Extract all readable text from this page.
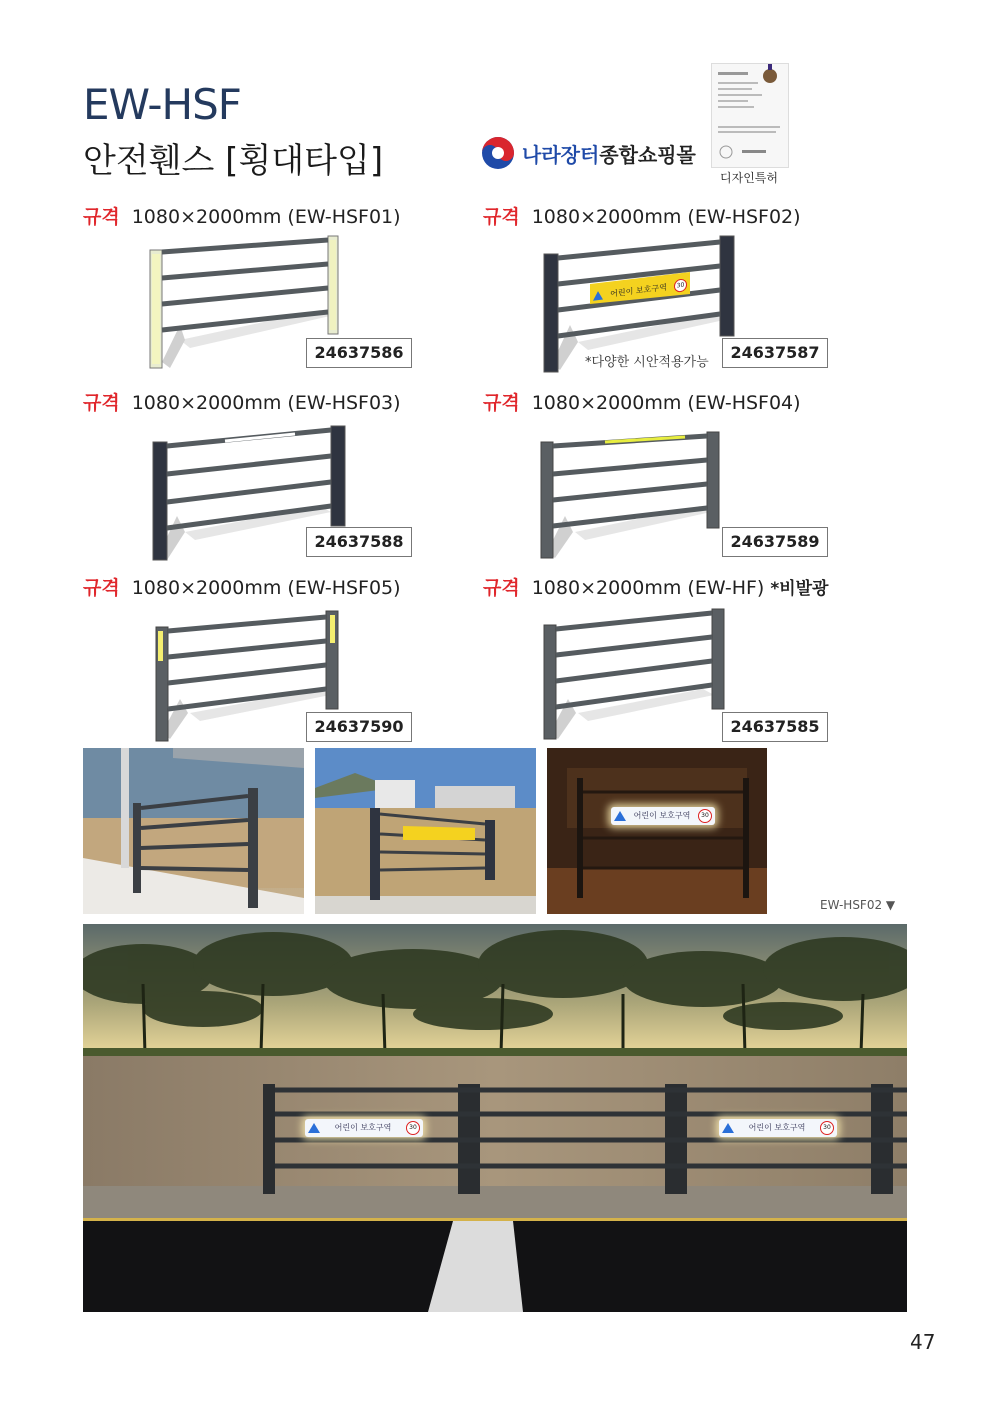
EW-HSF
안전휀스 [횡대타입]	나라장터 종합쇼핑몰
디자인특허
규격 1080×2000mm (EW-HSF01)	규격 1080×2000mm (EW-HSF02)
규격 1080×2000mm (EW-HSF03)	규격 1080×2000mm (EW-HSF04)
규격 1080×2000mm (EW-HSF05)	규격 1080×2000mm (EW-HF) *비발광
24637586
어린이 보호구역	30
*다양한 시안적용가능
24637587
24637588	24637589
24637590	24637585
어린이 보호구역	30
EW-HSF02 ▼
어린이 보호구역	30	어린이 보호구역	30
47
